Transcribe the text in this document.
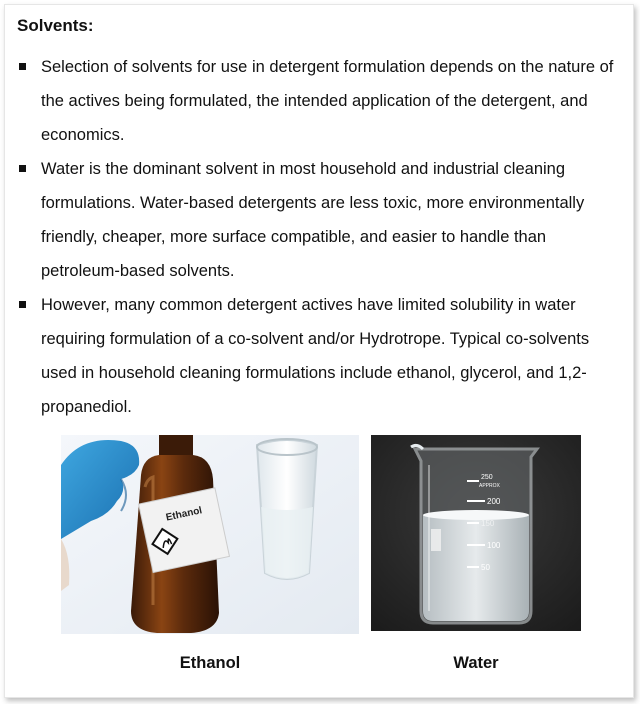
Solvents:
Selection of solvents for use in detergent formulation depends on the nature of the actives being formulated, the intended application of the detergent, and economics.
Water is the dominant solvent in most household and industrial cleaning formulations. Water-based detergents are less toxic, more environmentally friendly, cheaper, more surface compatible, and easier to handle than petroleum-based solvents.
However, many common detergent actives have limited solubility in water requiring formulation of a co-solvent and/or Hydrotrope. Typical co-solvents used in household cleaning formulations include ethanol, glycerol, and 1,2-propanediol.
Ethanol
250
APPROX
200
150
100
50
Ethanol	Water
